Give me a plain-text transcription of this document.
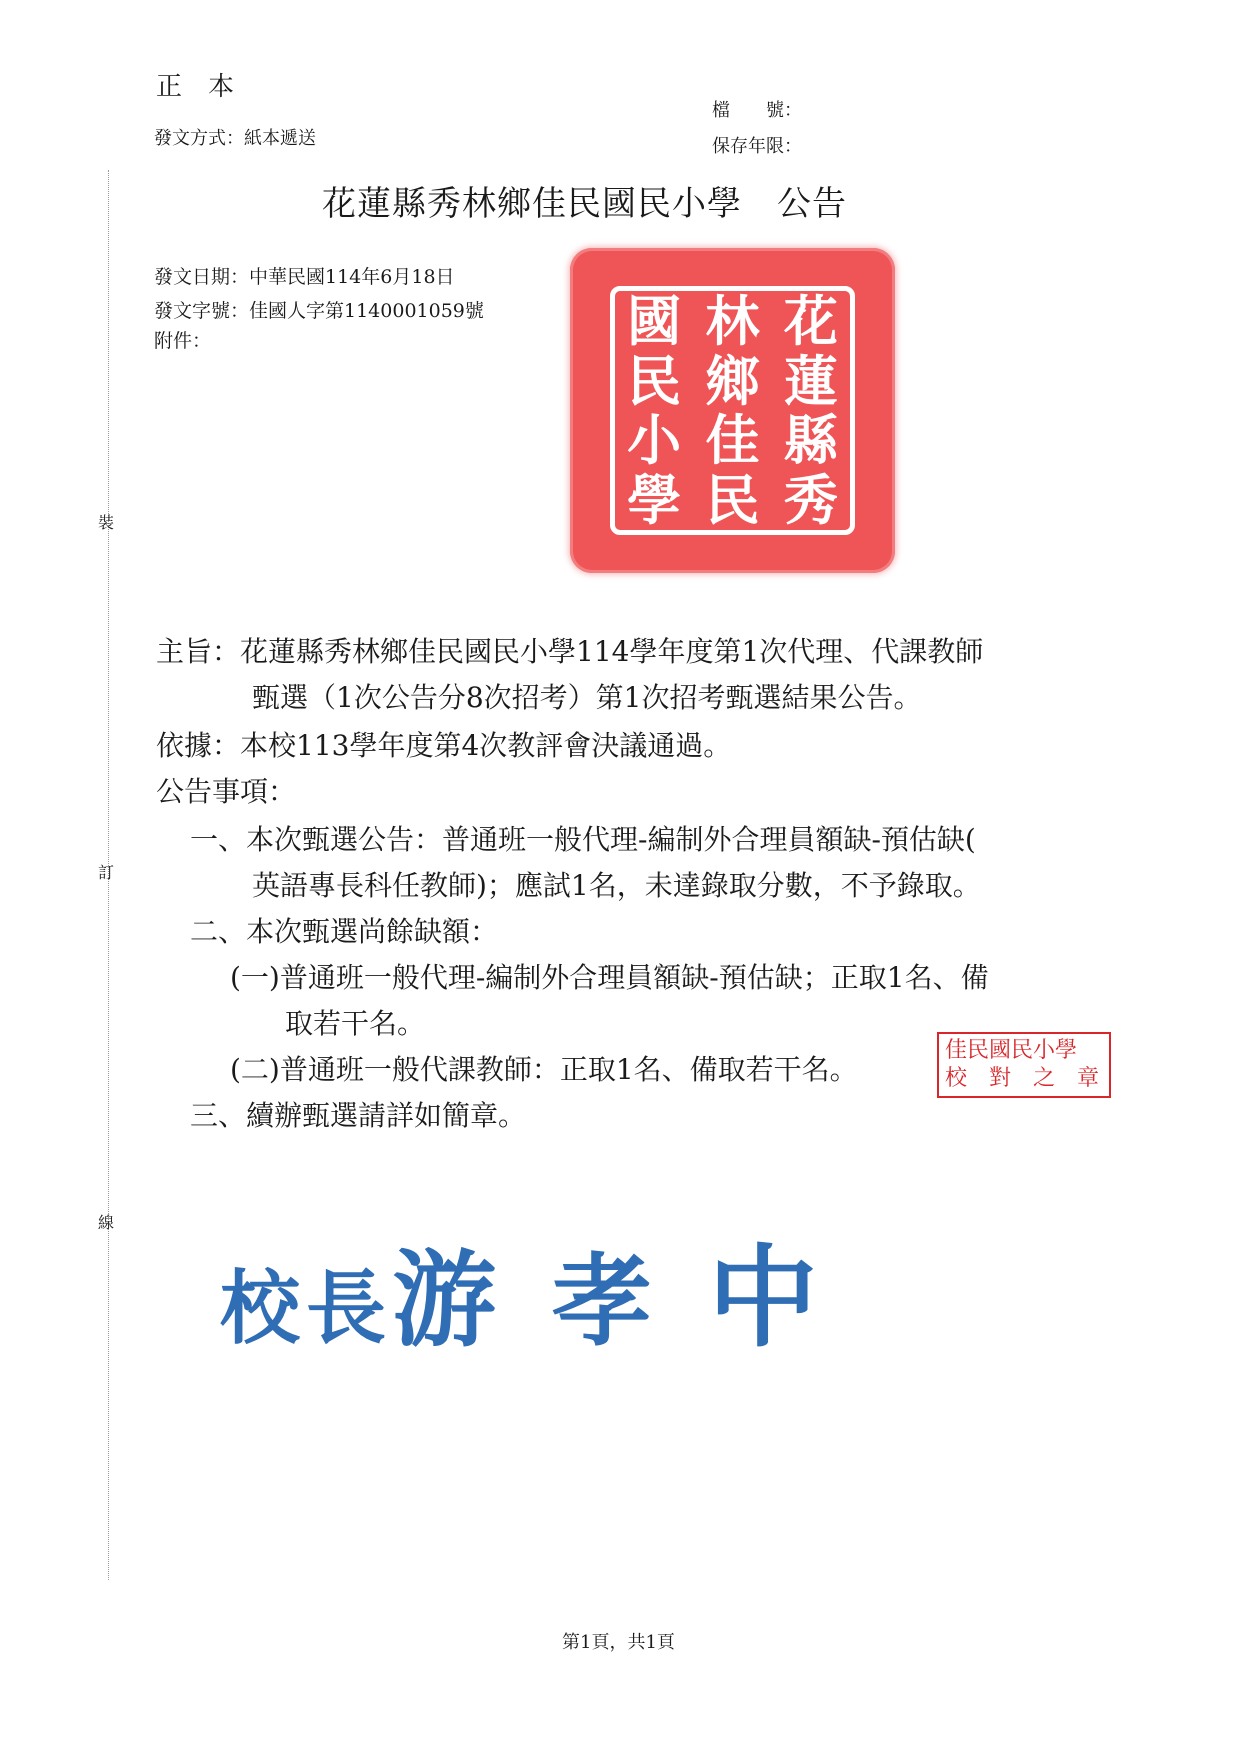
正　本
發文方式：紙本遞送
檔　　號：
保存年限：
裝
訂
線
花蓮縣秀林鄉佳民國民小學　公告
發文日期：中華民國114年6月18日
發文字號：佳國人字第1140001059號
附件：	花
蓮
縣
秀
林
鄉
佳
民
國
民
小
學
主旨：花蓮縣秀林鄉佳民國民小學114學年度第1次代理、代課教師
甄選（1次公告分8次招考）第1次招考甄選結果公告。
依據：本校113學年度第4次教評會決議通過。
公告事項：
一、本次甄選公告：普通班一般代理-編制外合理員額缺-預估缺(
英語專長科任教師)；應試1名，未達錄取分數，不予錄取。
二、本次甄選尚餘缺額：
(一)普通班一般代理-編制外合理員額缺-預估缺；正取1名、備
取若干名。
(二)普通班一般代課教師：正取1名、備取若干名。
三、續辦甄選請詳如簡章。
佳民國民小學
校　對　之　章
校長游 孝 中
第1頁，共1頁
